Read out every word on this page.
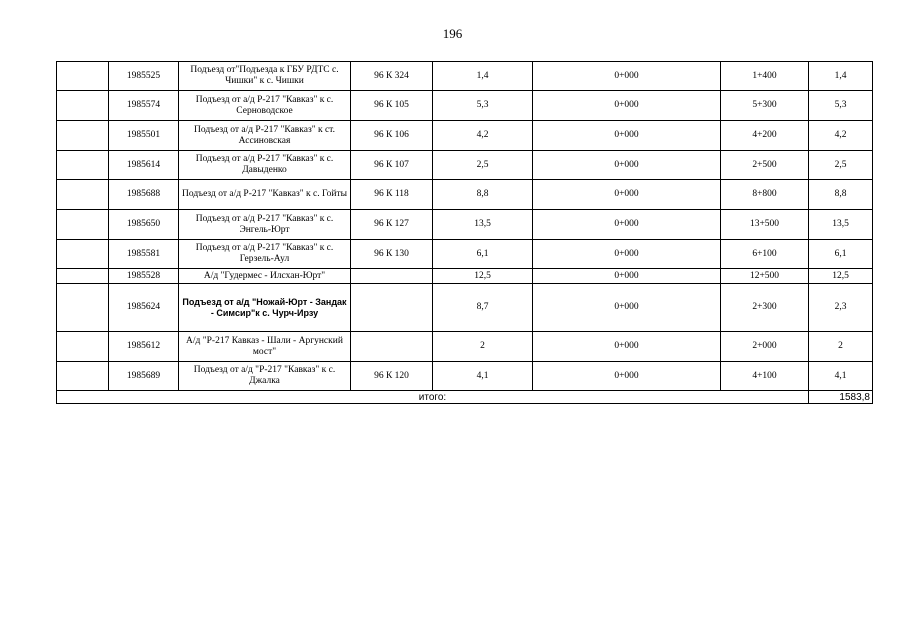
196
	1985525	Подъезд от"Подъезда к ГБУ РДТС с. Чишки" к с. Чишки	96 К 324	1,4	0+000	1+400	1,4
	1985574	Подъезд от а/д Р-217 "Кавказ" к с. Серноводское	96 К 105	5,3	0+000	5+300	5,3
	1985501	Подъезд от а/д Р-217 "Кавказ" к ст. Ассиновская	96 К 106	4,2	0+000	4+200	4,2
	1985614	Подъезд от а/д Р-217 "Кавказ" к с. Давыденко	96 К 107	2,5	0+000	2+500	2,5
	1985688	Подъезд от а/д Р-217 "Кавказ" к с. Гойты	96 К 118	8,8	0+000	8+800	8,8
	1985650	Подъезд от а/д Р-217 "Кавказ" к с. Энгель-Юрт	96 К 127	13,5	0+000	13+500	13,5
	1985581	Подъезд от а/д Р-217 "Кавказ" к с. Герзель-Аул	96 К 130	6,1	0+000	6+100	6,1
	1985528	А/д "Гудермес - Илсхан-Юрт"		12,5	0+000	12+500	12,5
	1985624	Подъезд от а/д "Ножай-Юрт - Зандак - Симсир"к с. Чурч-Ирзу		8,7	0+000	2+300	2,3
	1985612	А/д "Р-217 Кавказ - Шали - Аргунский мост"		2	0+000	2+000	2
	1985689	Подъезд от а/д "Р-217 "Кавказ" к с. Джалка	96 К 120	4,1	0+000	4+100	4,1
итого:							1583,8
